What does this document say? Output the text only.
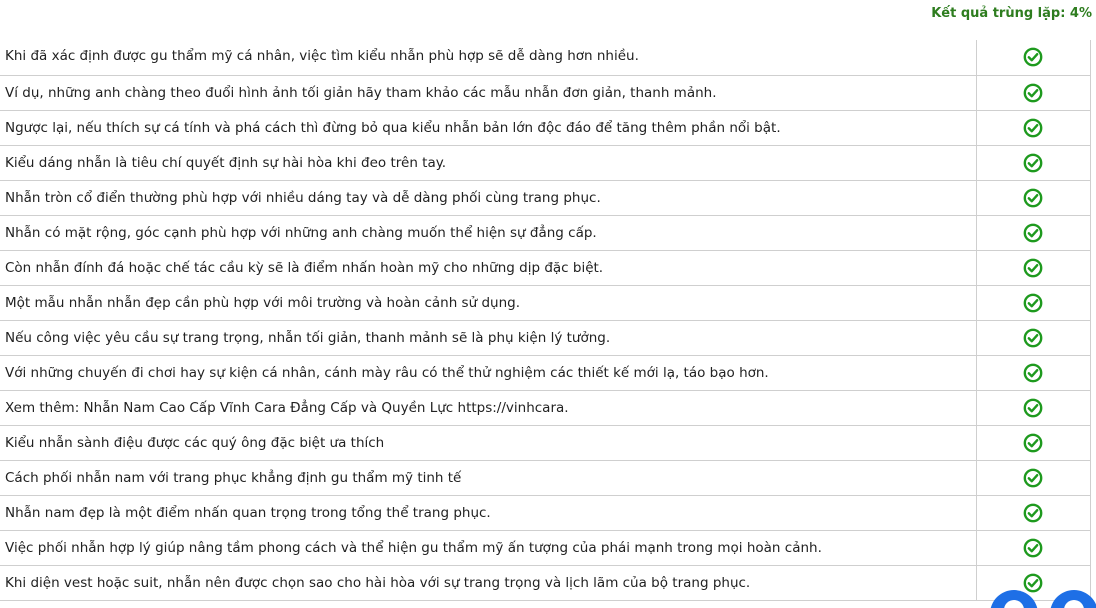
Kết quả trùng lặp: 4%
Khi đã xác định được gu thẩm mỹ cá nhân, việc tìm kiểu nhẫn phù hợp sẽ dễ dàng hơn nhiều.	
Ví dụ, những anh chàng theo đuổi hình ảnh tối giản hãy tham khảo các mẫu nhẫn đơn giản, thanh mảnh.	
Ngược lại, nếu thích sự cá tính và phá cách thì đừng bỏ qua kiểu nhẫn bản lớn độc đáo để tăng thêm phần nổi bật.	
Kiểu dáng nhẫn là tiêu chí quyết định sự hài hòa khi đeo trên tay.	
Nhẫn tròn cổ điển thường phù hợp với nhiều dáng tay và dễ dàng phối cùng trang phục.	
Nhẫn có mặt rộng, góc cạnh phù hợp với những anh chàng muốn thể hiện sự đẳng cấp.	
Còn nhẫn đính đá hoặc chế tác cầu kỳ sẽ là điểm nhấn hoàn mỹ cho những dịp đặc biệt.	
Một mẫu nhẫn nhẫn đẹp cần phù hợp với môi trường và hoàn cảnh sử dụng.	
Nếu công việc yêu cầu sự trang trọng, nhẫn tối giản, thanh mảnh sẽ là phụ kiện lý tưởng.	
Với những chuyến đi chơi hay sự kiện cá nhân, cánh mày râu có thể thử nghiệm các thiết kế mới lạ, táo bạo hơn.	
Xem thêm: Nhẫn Nam Cao Cấp Vĩnh Cara Đẳng Cấp và Quyền Lực https://vinhcara.	
Kiểu nhẫn sành điệu được các quý ông đặc biệt ưa thích	
Cách phối nhẫn nam với trang phục khẳng định gu thẩm mỹ tinh tế	
Nhẫn nam đẹp là một điểm nhấn quan trọng trong tổng thể trang phục.	
Việc phối nhẫn hợp lý giúp nâng tầm phong cách và thể hiện gu thẩm mỹ ấn tượng của phái mạnh trong mọi hoàn cảnh.	
Khi diện vest hoặc suit, nhẫn nên được chọn sao cho hài hòa với sự trang trọng và lịch lãm của bộ trang phục.	
